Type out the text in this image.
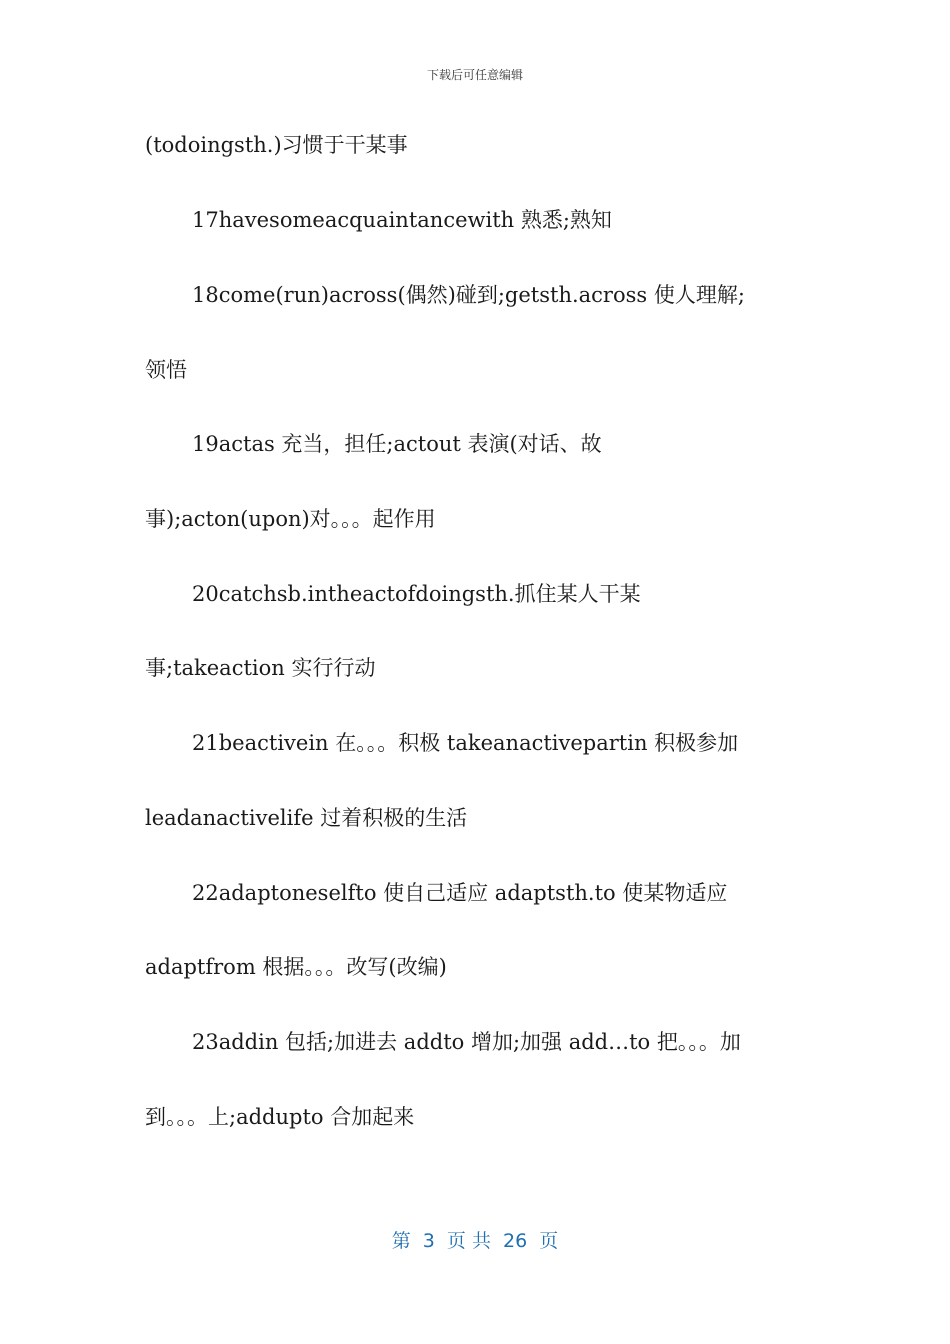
下载后可任意编辑
(todoingsth.)习惯于干某事
17havesomeacquaintancewith 熟悉;熟知
18come(run)across(偶然)碰到;getsth.across 使人理解;
领悟
19actas 充当，担任;actout 表演(对话、故
事);acton(upon)对。。。起作用
20catchsb.intheactofdoingsth.抓住某人干某
事;takeaction 实行行动
21beactivein 在。。。积极 takeanactivepartin 积极参加
leadanactivelife 过着积极的生活
22adaptoneselfto 使自己适应 adaptsth.to 使某物适应
adaptfrom 根据。。。改写(改编)
23addin 包括;加进去 addto 增加;加强 add…to 把。。。加
到。。。上;addupto 合加起来
第  3  页 共  26  页
